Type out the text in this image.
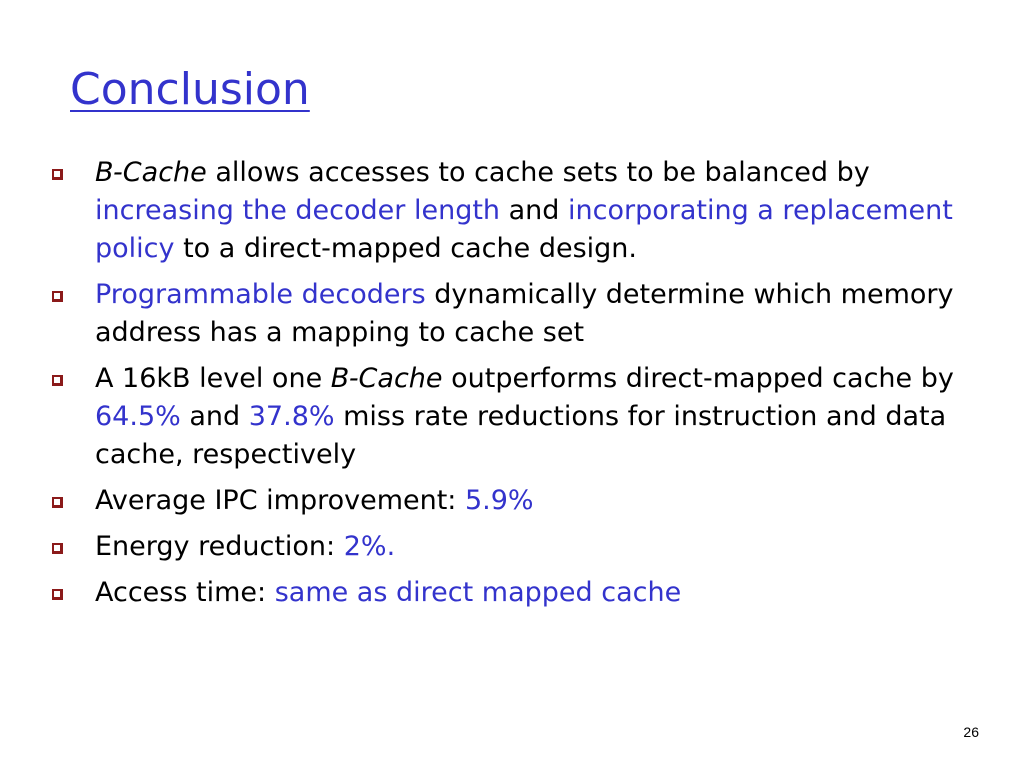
Conclusion
B-Cache allows accesses to cache sets to be balanced by increasing the decoder length and incorporating a replacement policy to a direct-mapped cache design.
Programmable decoders dynamically determine which memory address has a mapping to cache set
A 16kB level one B-Cache outperforms direct-mapped cache by 64.5% and 37.8% miss rate reductions for instruction and data cache, respectively
Average IPC improvement: 5.9%
Energy reduction: 2%.
Access time: same as direct mapped cache
26
